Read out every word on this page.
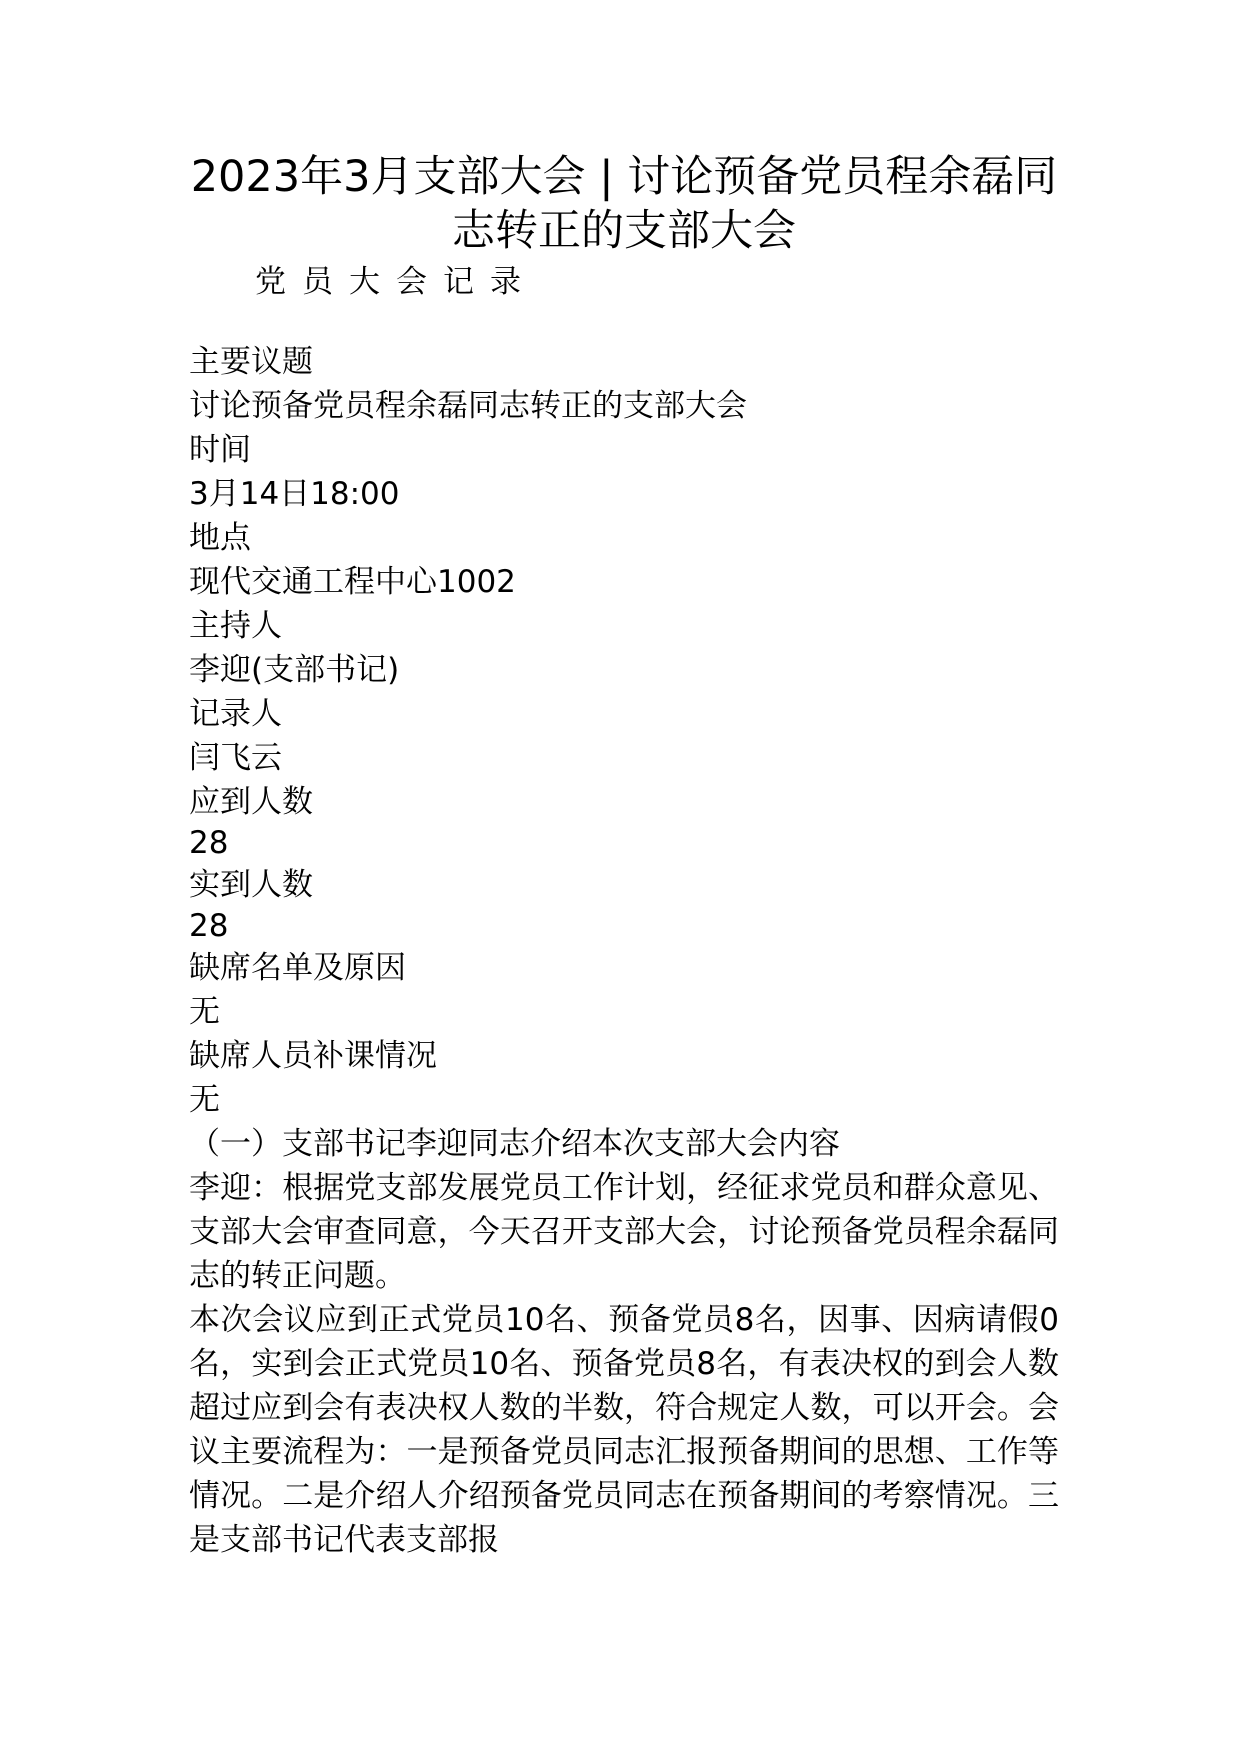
2023年3月支部大会 | 讨论预备党员程余磊同志转正的支部大会
党员大会记录
主要议题
讨论预备党员程余磊同志转正的支部大会
时间
3月14日18:00
地点
现代交通工程中心1002
主持人
李迎(支部书记)
记录人
闫飞云
应到人数
28
实到人数
28
缺席名单及原因
无
缺席人员补课情况
无
（一）支部书记李迎同志介绍本次支部大会内容
李迎：根据党支部发展党员工作计划，经征求党员和群众意见、支部大会审查同意，今天召开支部大会，讨论预备党员程余磊同志的转正问题。
本次会议应到正式党员10名、预备党员8名，因事、因病请假0名，实到会正式党员10名、预备党员8名，有表决权的到会人数超过应到会有表决权人数的半数，符合规定人数，可以开会。会议主要流程为：一是预备党员同志汇报预备期间的思想、工作等情况。二是介绍人介绍预备党员同志在预备期间的考察情况。三是支部书记代表支部报
